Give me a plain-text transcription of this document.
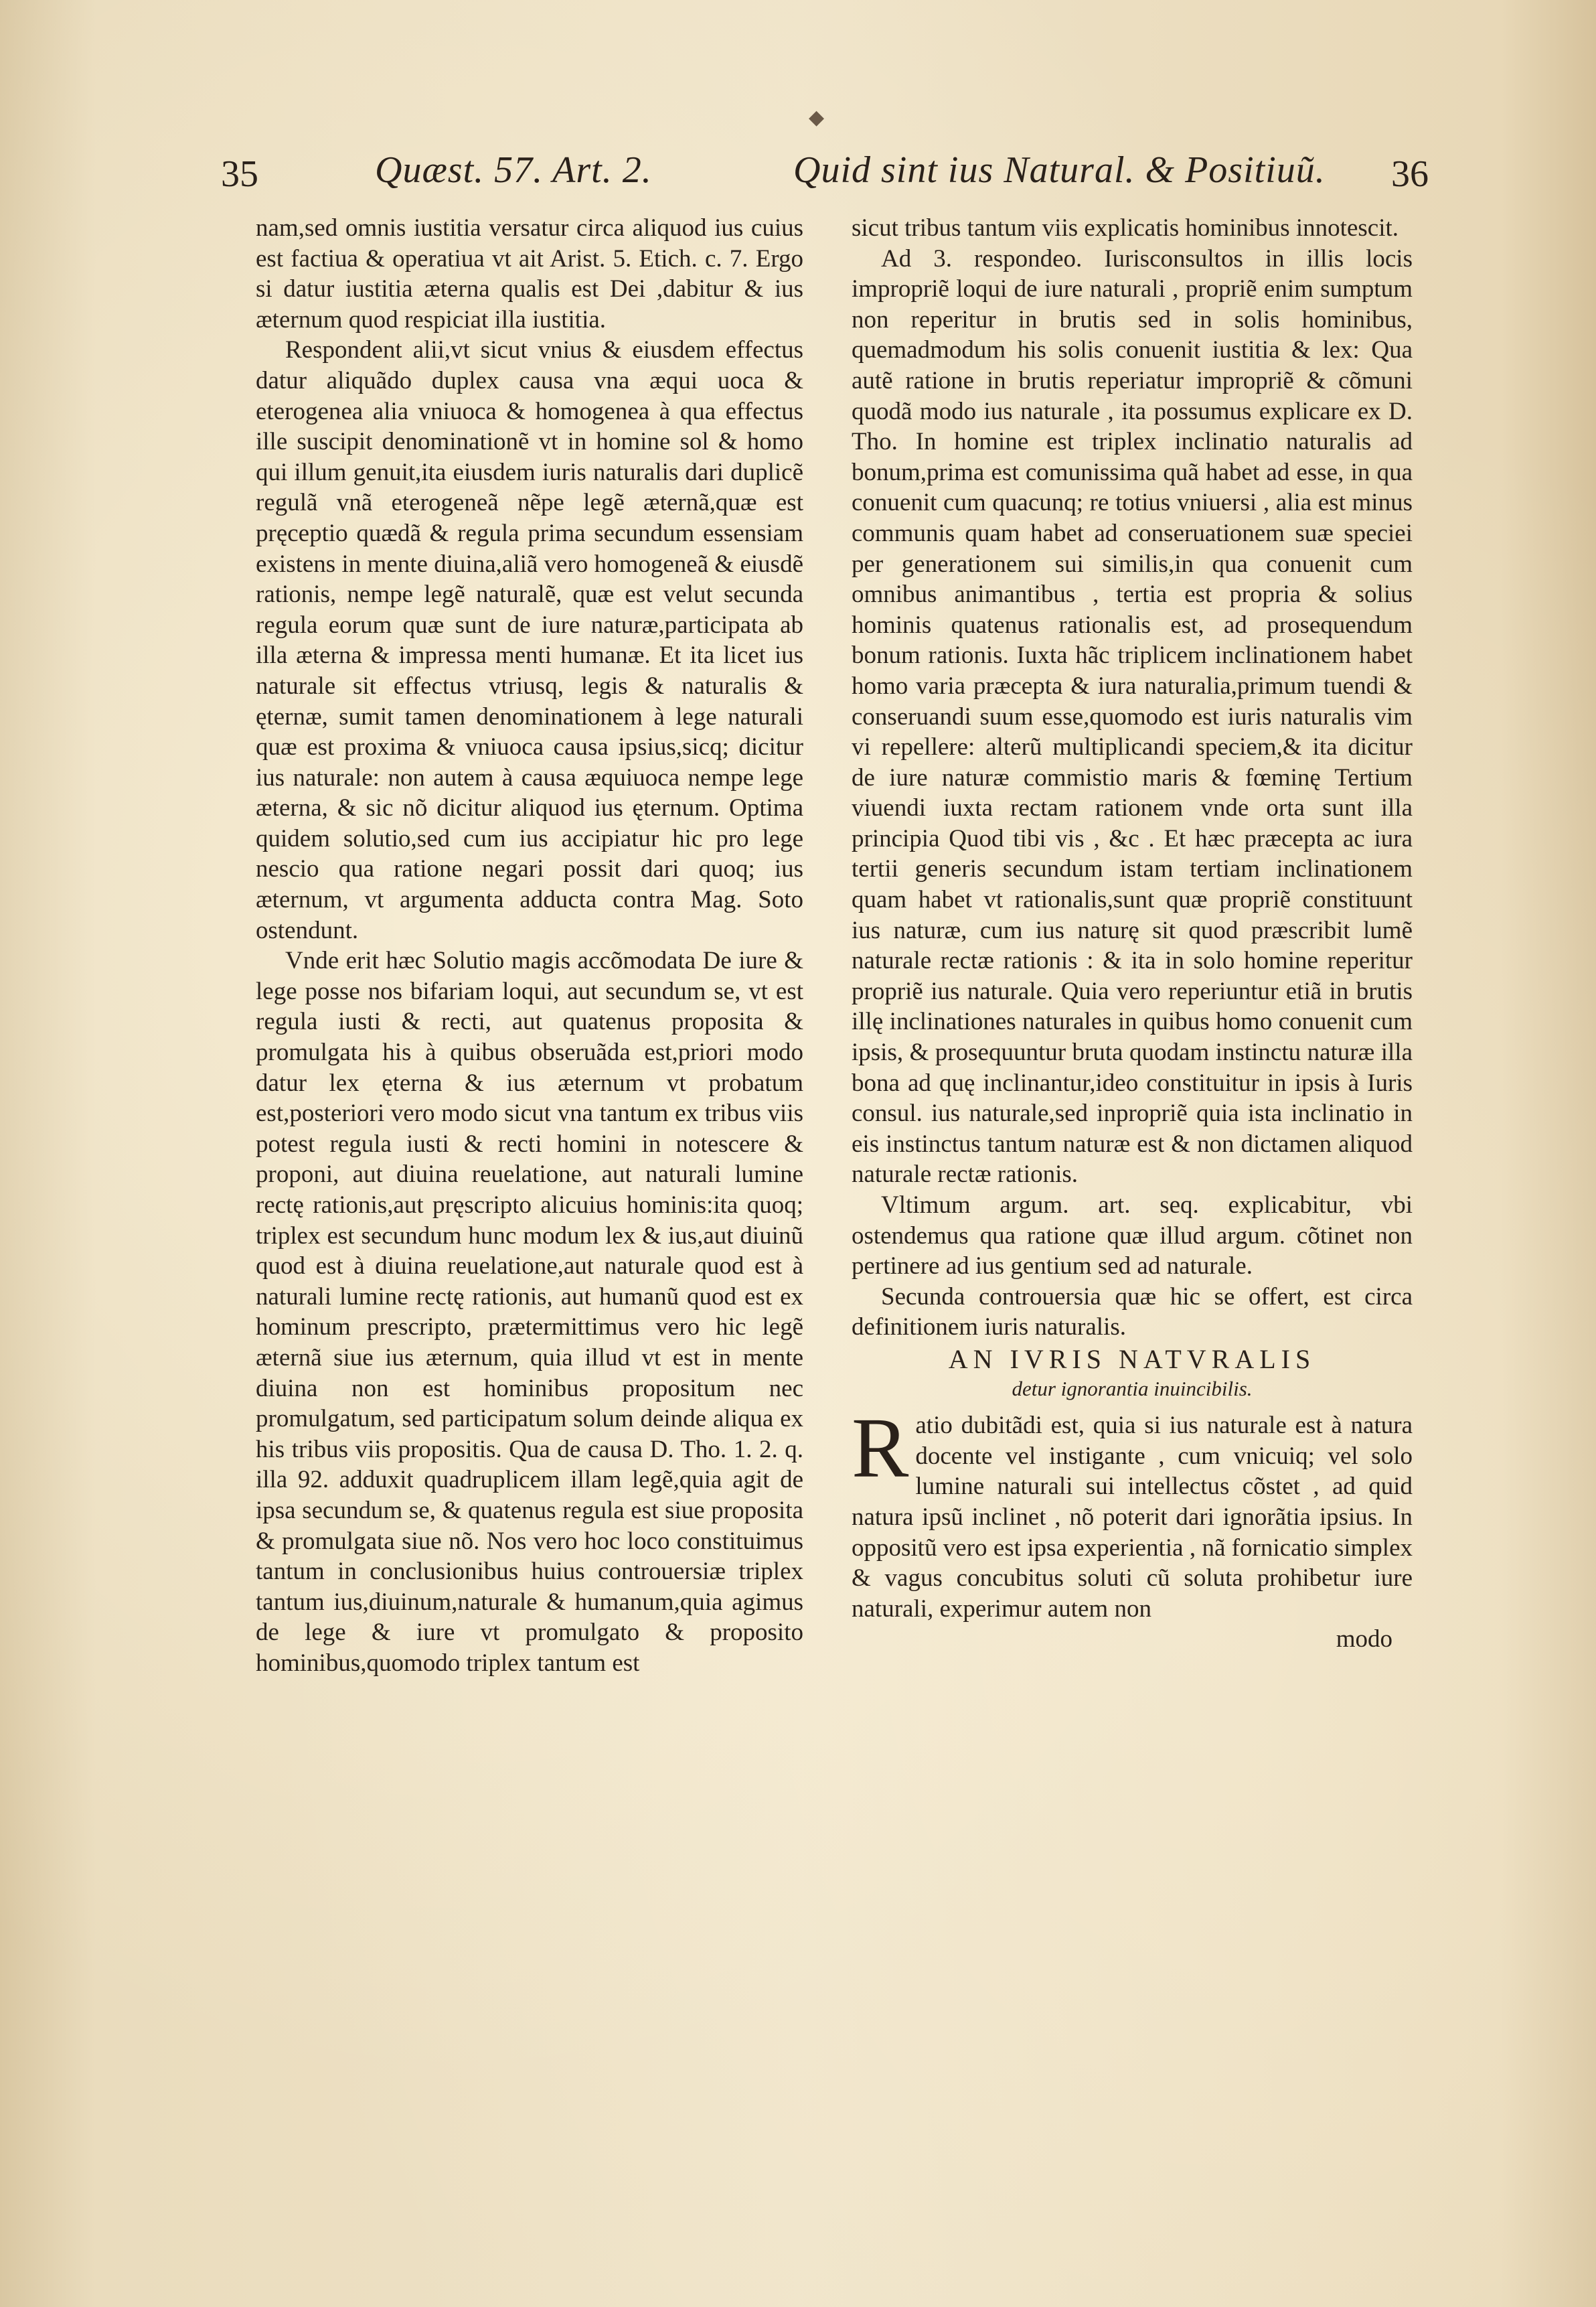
◆
35	Quæst. 57. Art. 2.	Quid sint ius Natural. & Positiuũ. 36

nam,sed omnis iustitia versatur circa aliquod ius cuius est factiua & operatiua vt ait Arist. 5. Etich. c. 7. Ergo si datur iustitia æterna qualis est Dei ,dabitur & ius æternum quod respiciat illa iustitia.

Respondent alii,vt sicut vnius & eiusdem effectus datur aliquãdo duplex causa vna æqui uoca & eterogenea alia vniuoca & homogenea à qua effectus ille suscipit denominationẽ vt in homine sol & homo qui illum genuit,ita eiusdem iuris naturalis dari duplicẽ regulã vnã eterogeneã nẽpe legẽ æternã,quæ est pręceptio quædã & regula prima secundum essensiam existens in mente diuina,aliã vero homogeneã & eiusdẽ rationis, nempe legẽ naturalẽ, quæ est velut secunda regula eorum quæ sunt de iure naturæ,participata ab illa æterna & impressa menti humanæ. Et ita licet ius naturale sit effectus vtriusq, legis & naturalis & ęternæ, sumit tamen denominationem à lege naturali quæ est proxima & vniuoca causa ipsius,sicq; dicitur ius naturale: non autem à causa æquiuoca nempe lege æterna, & sic nõ dicitur aliquod ius ęternum. Optima quidem solutio,sed cum ius accipiatur hic pro lege nescio qua ratione negari possit dari quoq; ius æternum, vt argumenta adducta contra Mag. Soto ostendunt.

Vnde erit hæc Solutio magis accõmodata De iure & lege posse nos bifariam loqui, aut secundum se, vt est regula iusti & recti, aut quatenus proposita & promulgata his à quibus obseruãda est,priori modo datur lex ęterna & ius æternum vt probatum est,posteriori vero modo sicut vna tantum ex tribus viis potest regula iusti & recti homini in notescere & proponi, aut diuina reuelatione, aut naturali lumine rectę rationis,aut pręscripto alicuius hominis:ita quoq; triplex est secundum hunc modum lex & ius,aut diuinũ quod est à diuina reuelatione,aut naturale quod est à naturali lumine rectę rationis, aut humanũ quod est ex hominum prescripto, prætermittimus vero hic legẽ æternã siue ius æternum, quia illud vt est in mente diuina non est hominibus propositum nec promulgatum, sed participatum solum deinde aliqua ex his tribus viis propositis. Qua de causa D. Tho. 1. 2. q. illa 92. adduxit quadruplicem illam legẽ,quia agit de ipsa secundum se, & quatenus regula est siue proposita & promulgata siue nõ. Nos vero hoc loco constituimus tantum in conclusionibus huius controuersiæ triplex tantum ius,diuinum,naturale & humanum,quia agimus de lege & iure vt promulgato & proposito hominibus,quomodo triplex tantum est

sicut tribus tantum viis explicatis hominibus innotescit.

Ad 3. respondeo. Iurisconsultos in illis locis impropriẽ loqui de iure naturali , propriẽ enim sumptum non reperitur in brutis sed in solis hominibus, quemadmodum his solis conuenit iustitia & lex: Qua autẽ ratione in brutis reperiatur impropriẽ & cõmuni quodã modo ius naturale , ita possumus explicare ex D. Tho. In homine est triplex inclinatio naturalis ad bonum,prima est comunissima quã habet ad esse, in qua conuenit cum quacunq; re totius vniuersi , alia est minus communis quam habet ad conseruationem suæ speciei per generationem sui similis,in qua conuenit cum omnibus animantibus , tertia est propria & solius hominis quatenus rationalis est, ad prosequendum bonum rationis. Iuxta hãc triplicem inclinationem habet homo varia præcepta & iura naturalia,primum tuendi & conseruandi suum esse,quomodo est iuris naturalis vim vi repellere: alterũ multiplicandi speciem,& ita dicitur de iure naturæ commistio maris & fœminę Tertium viuendi iuxta rectam rationem vnde orta sunt illa principia Quod tibi vis , &c . Et hæc præcepta ac iura tertii generis secundum istam tertiam inclinationem quam habet vt rationalis,sunt quæ propriẽ constituunt ius naturæ, cum ius naturę sit quod præscribit lumẽ naturale rectæ rationis : & ita in solo homine reperitur propriẽ ius naturale. Quia vero reperiuntur etiã in brutis illę inclinationes naturales in quibus homo conuenit cum ipsis, & prosequuntur bruta quodam instinctu naturæ illa bona ad quę inclinantur,ideo constituitur in ipsis à Iuris consul. ius naturale,sed inpropriẽ quia ista inclinatio in eis instinctus tantum naturæ est & non dictamen aliquod naturale rectæ rationis.

Vltimum argum. art. seq. explicabitur, vbi ostendemus qua ratione quæ illud argum. cõtinet non pertinere ad ius gentium sed ad naturale.

Secunda controuersia quæ hic se offert, est circa definitionem iuris naturalis.

AN IVRIS NATVRALIS
detur ignorantia inuincibilis.

Ratio dubitãdi est, quia si ius naturale est à natura docente vel instigante , cum vnicuiq; vel solo lumine naturali sui intellectus cõstet , ad quid natura ipsũ inclinet , nõ poterit dari ignorãtia ipsius. In oppositũ vero est ipsa experientia , nã fornicatio simplex & vagus concubitus soluti cũ soluta prohibetur iure naturali, experimur autem non

modo
